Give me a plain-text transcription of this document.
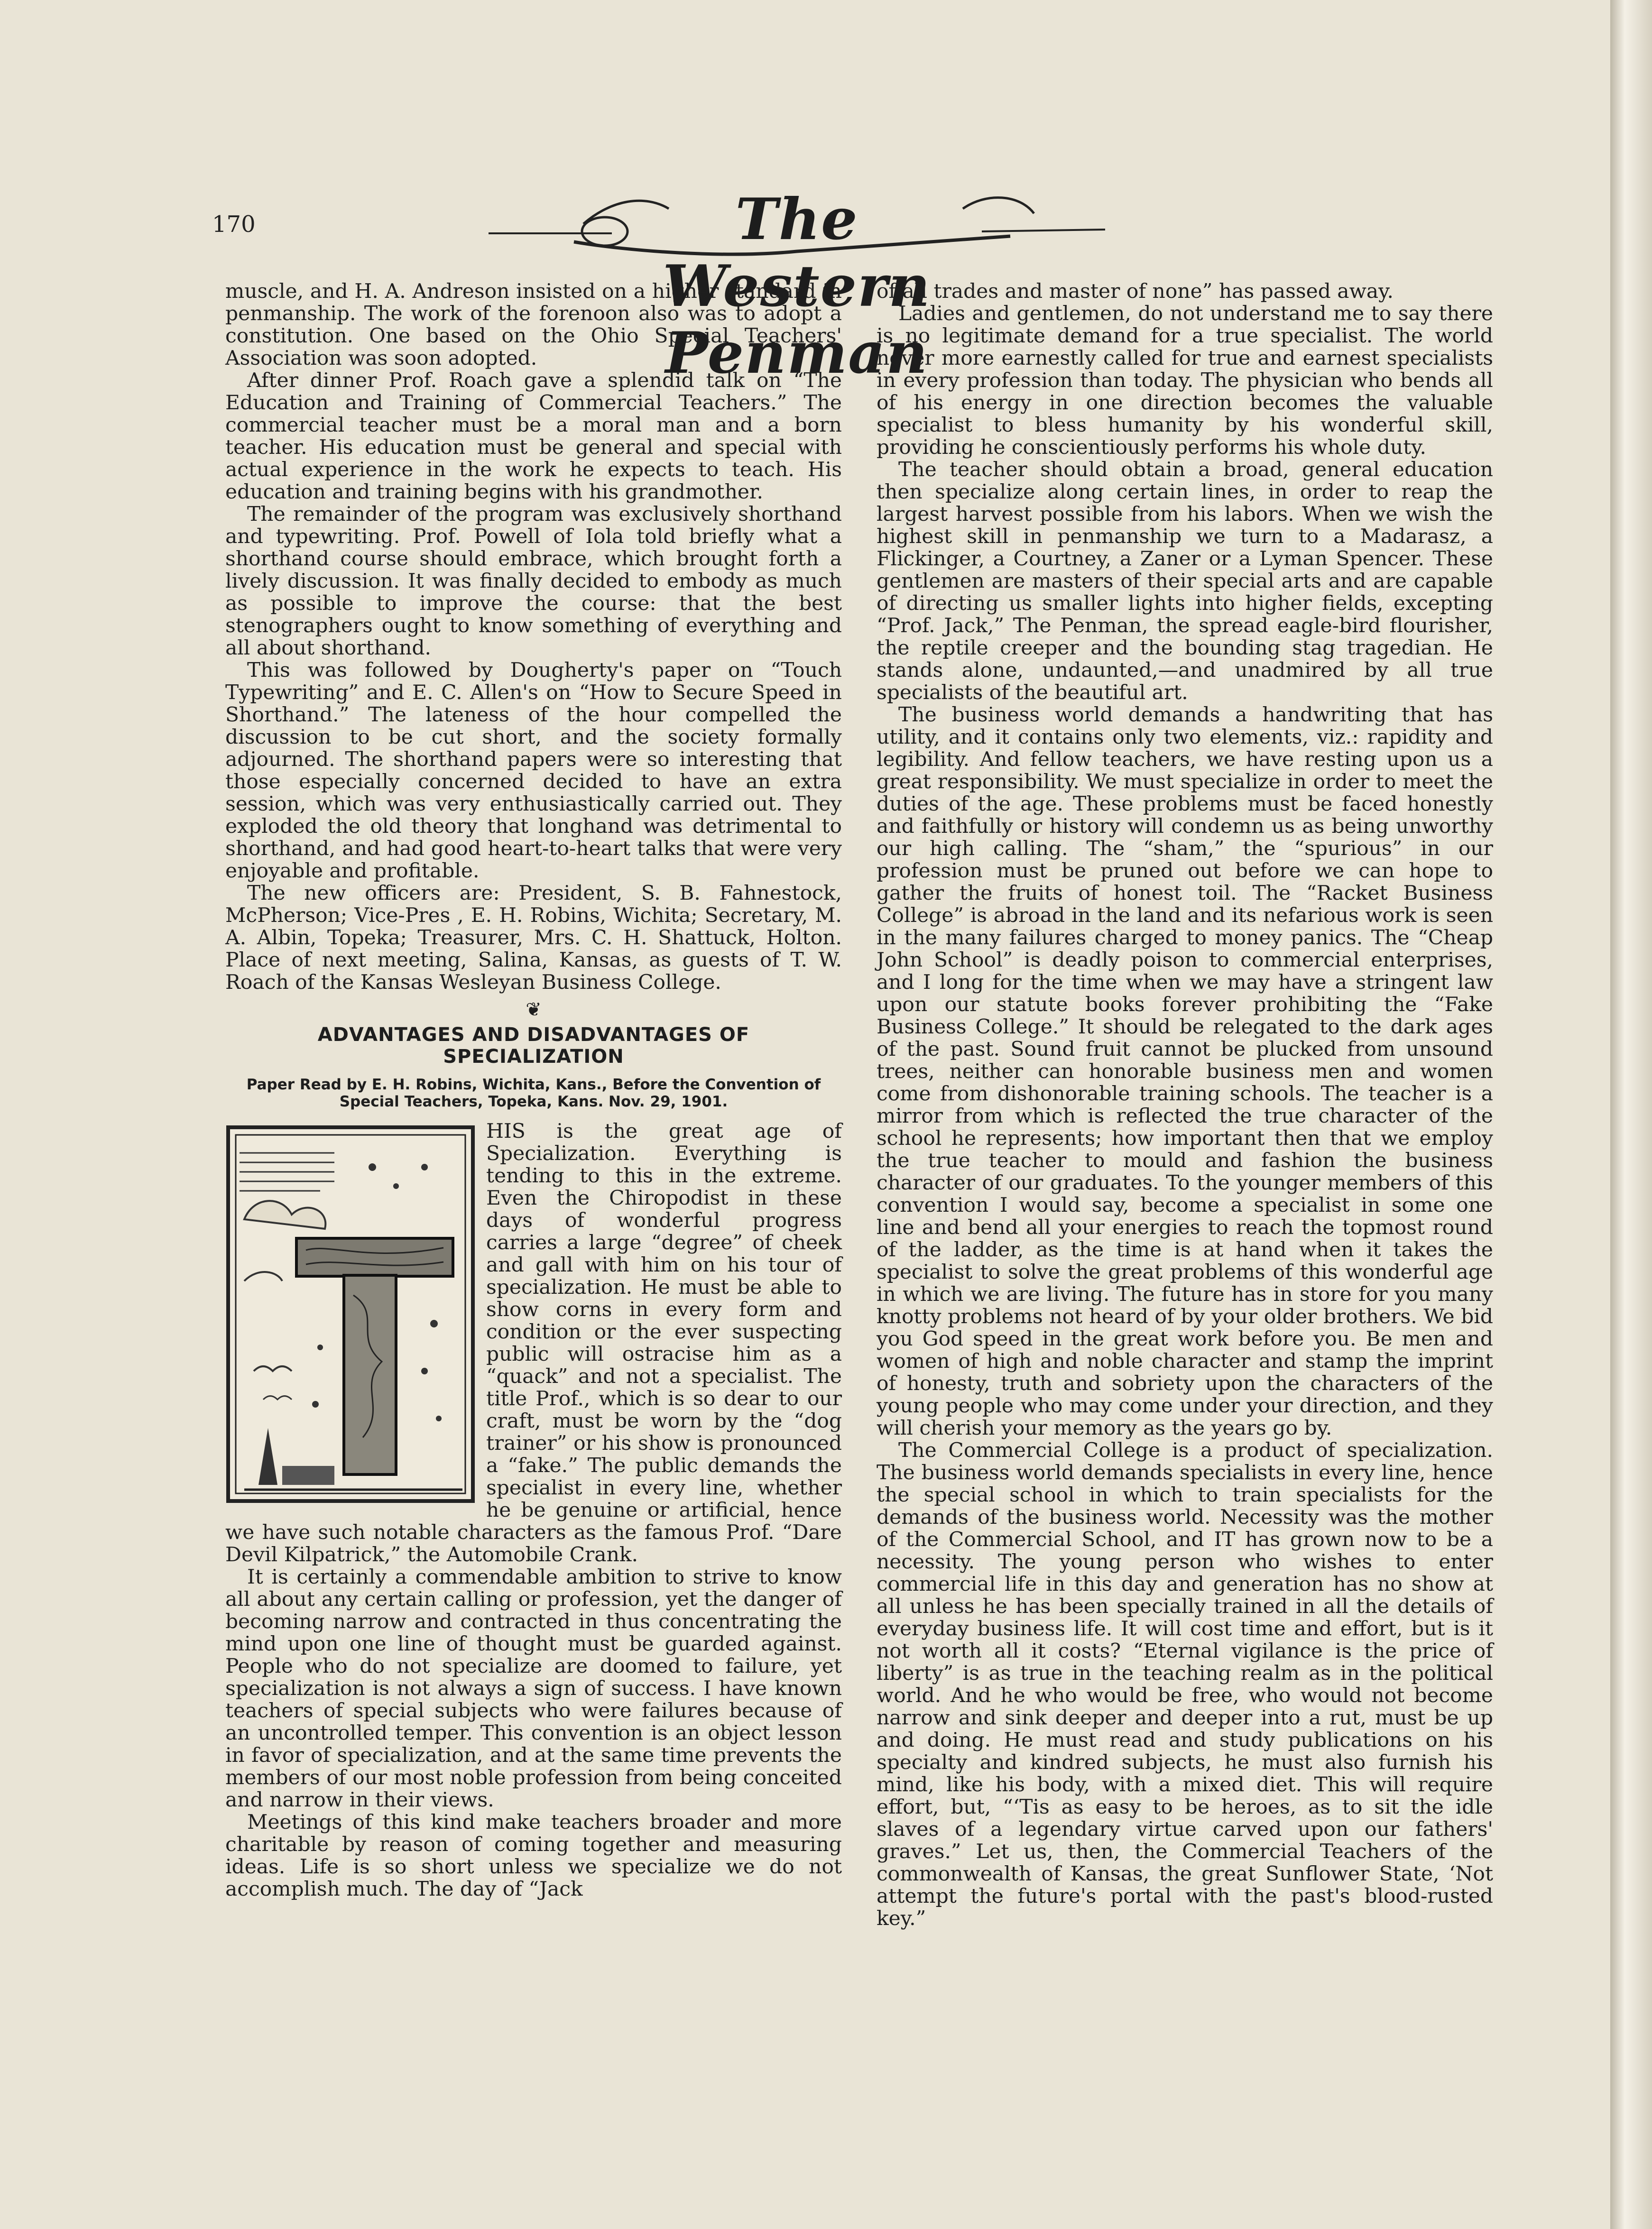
170	The Western Penman

muscle, and H. A. Andreson insisted on a higher standard in penmanship. The work of the forenoon also was to adopt a constitution. One based on the Ohio Special Teachers' Association was soon adopted.

After dinner Prof. Roach gave a splendid talk on “The Education and Training of Commercial Teachers.” The commercial teacher must be a moral man and a born teacher. His education must be general and special with actual experience in the work he expects to teach. His education and training begins with his grandmother.

The remainder of the program was exclusively shorthand and typewriting. Prof. Powell of Iola told briefly what a shorthand course should embrace, which brought forth a lively discussion. It was finally decided to embody as much as possible to improve the course: that the best stenographers ought to know something of everything and all about shorthand.

This was followed by Dougherty's paper on “Touch Typewriting” and E. C. Allen's on “How to Secure Speed in Shorthand.” The lateness of the hour compelled the discussion to be cut short, and the society formally adjourned. The shorthand papers were so interesting that those especially concerned decided to have an extra session, which was very enthusiastically carried out. They exploded the old theory that longhand was detrimental to shorthand, and had good heart-to-heart talks that were very enjoyable and profitable.

The new officers are: President, S. B. Fahnestock, McPherson; Vice-Pres , E. H. Robins, Wichita; Secretary, M. A. Albin, Topeka; Treasurer, Mrs. C. H. Shattuck, Holton. Place of next meeting, Salina, Kansas, as guests of T. W. Roach of the Kansas Wesleyan Business College.

❦
ADVANTAGES AND DISADVANTAGES OF SPECIALIZATION
Paper Read by E. H. Robins, Wichita, Kans., Before the Convention of Special Teachers, Topeka, Kans. Nov. 29, 1901.

HIS is the great age of Specialization. Everything is tending to this in the extreme. Even the Chiropodist in these days of wonderful progress carries a large “degree” of cheek and gall with him on his tour of specialization. He must be able to show corns in every form and condition or the ever suspecting public will ostracise him as a “quack” and not a specialist. The title Prof., which is so dear to our craft, must be worn by the “dog trainer” or his show is pronounced a “fake.” The public demands the specialist in every line, whether he be genuine or artificial, hence we have such notable characters as the famous Prof. “Dare Devil Kilpatrick,” the Automobile Crank.

It is certainly a commendable ambition to strive to know all about any certain calling or profession, yet the danger of becoming narrow and contracted in thus concentrating the mind upon one line of thought must be guarded against. People who do not specialize are doomed to failure, yet specialization is not always a sign of success. I have known teachers of special subjects who were failures because of an uncontrolled temper. This convention is an object lesson in favor of specialization, and at the same time prevents the members of our most noble profession from being conceited and narrow in their views.

Meetings of this kind make teachers broader and more charitable by reason of coming together and measuring ideas. Life is so short unless we specialize we do not accomplish much. The day of “Jack

of all trades and master of none” has passed away.

Ladies and gentlemen, do not understand me to say there is no legitimate demand for a true specialist. The world never more earnestly called for true and earnest specialists in every profession than today. The physician who bends all of his energy in one direction becomes the valuable specialist to bless humanity by his wonderful skill, providing he conscientiously performs his whole duty.

The teacher should obtain a broad, general education then specialize along certain lines, in order to reap the largest harvest possible from his labors. When we wish the highest skill in penmanship we turn to a Madarasz, a Flickinger, a Courtney, a Zaner or a Lyman Spencer. These gentlemen are masters of their special arts and are capable of directing us smaller lights into higher fields, excepting “Prof. Jack,” The Penman, the spread eagle-bird flourisher, the reptile creeper and the bounding stag tragedian. He stands alone, undaunted,—and unadmired by all true specialists of the beautiful art.

The business world demands a handwriting that has utility, and it contains only two elements, viz.: rapidity and legibility. And fellow teachers, we have resting upon us a great responsibility. We must specialize in order to meet the duties of the age. These problems must be faced honestly and faithfully or history will condemn us as being unworthy our high calling. The “sham,” the “spurious” in our profession must be pruned out before we can hope to gather the fruits of honest toil. The “Racket Business College” is abroad in the land and its nefarious work is seen in the many failures charged to money panics. The “Cheap John School” is deadly poison to commercial enterprises, and I long for the time when we may have a stringent law upon our statute books forever prohibiting the “Fake Business College.” It should be relegated to the dark ages of the past. Sound fruit cannot be plucked from unsound trees, neither can honorable business men and women come from dishonorable training schools. The teacher is a mirror from which is reflected the true character of the school he represents; how important then that we employ the true teacher to mould and fashion the business character of our graduates. To the younger members of this convention I would say, become a specialist in some one line and bend all your energies to reach the topmost round of the ladder, as the time is at hand when it takes the specialist to solve the great problems of this wonderful age in which we are living. The future has in store for you many knotty problems not heard of by your older brothers. We bid you God speed in the great work before you. Be men and women of high and noble character and stamp the imprint of honesty, truth and sobriety upon the characters of the young people who may come under your direction, and they will cherish your memory as the years go by.

The Commercial College is a product of specialization. The business world demands specialists in every line, hence the special school in which to train specialists for the demands of the business world. Necessity was the mother of the Commercial School, and IT has grown now to be a necessity. The young person who wishes to enter commercial life in this day and generation has no show at all unless he has been specially trained in all the details of everyday business life. It will cost time and effort, but is it not worth all it costs? “Eternal vigilance is the price of liberty” is as true in the teaching realm as in the political world. And he who would be free, who would not become narrow and sink deeper and deeper into a rut, must be up and doing. He must read and study publications on his specialty and kindred subjects, he must also furnish his mind, like his body, with a mixed diet. This will require effort, but, “‘Tis as easy to be heroes, as to sit the idle slaves of a legendary virtue carved upon our fathers' graves.” Let us, then, the Commercial Teachers of the commonwealth of Kansas, the great Sunflower State, ‘Not attempt the future's portal with the past's blood-rusted key.”
